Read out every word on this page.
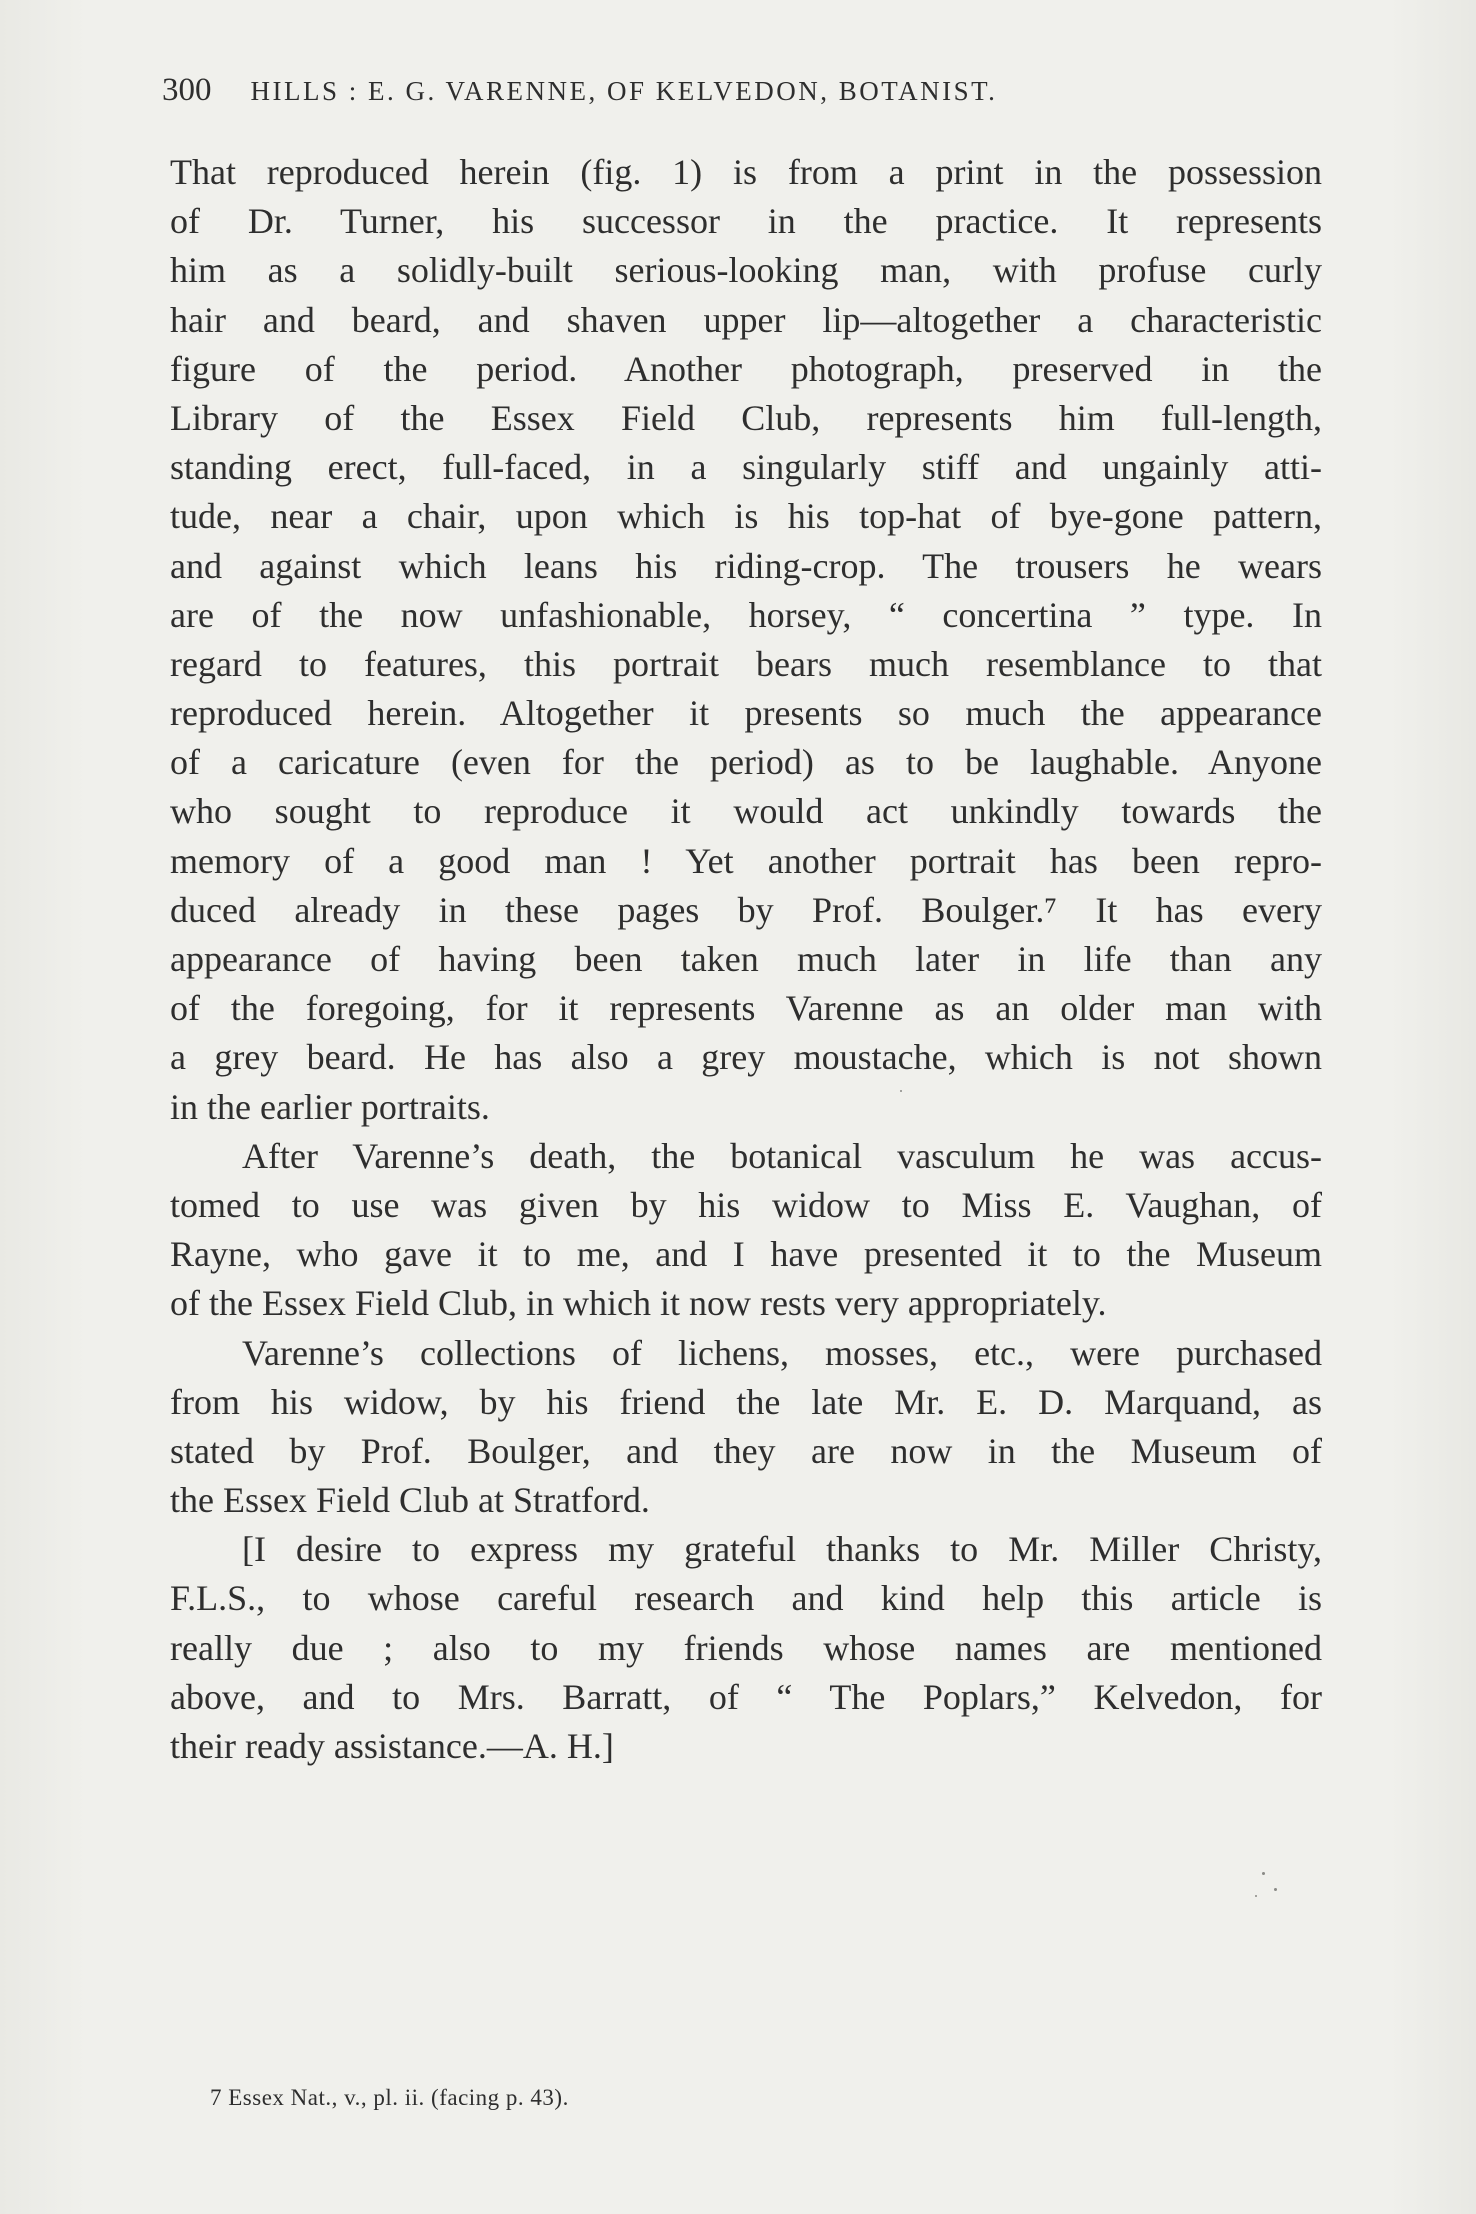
300 HILLS : E. G. VARENNE, OF KELVEDON, BOTANIST.
That reproduced herein (fig. 1) is from a print in the possession
of Dr. Turner, his successor in the practice. It represents
him as a solidly-built serious-looking man, with profuse curly
hair and beard, and shaven upper lip—altogether a characteristic
figure of the period. Another photograph, preserved in the
Library of the Essex Field Club, represents him full-length,
standing erect, full-faced, in a singularly stiff and ungainly atti-
tude, near a chair, upon which is his top-hat of bye-gone pattern,
and against which leans his riding-crop. The trousers he wears
are of the now unfashionable, horsey, “ concertina ” type. In
regard to features, this portrait bears much resemblance to that
reproduced herein. Altogether it presents so much the appearance
of a caricature (even for the period) as to be laughable. Anyone
who sought to reproduce it would act unkindly towards the
memory of a good man ! Yet another portrait has been repro-
duced already in these pages by Prof. Boulger.⁷ It has every
appearance of having been taken much later in life than any
of the foregoing, for it represents Varenne as an older man with
a grey beard. He has also a grey moustache, which is not shown
in the earlier portraits.
After Varenne’s death, the botanical vasculum he was accus-
tomed to use was given by his widow to Miss E. Vaughan, of
Rayne, who gave it to me, and I have presented it to the Museum
of the Essex Field Club, in which it now rests very appropriately.
Varenne’s collections of lichens, mosses, etc., were purchased
from his widow, by his friend the late Mr. E. D. Marquand, as
stated by Prof. Boulger, and they are now in the Museum of
the Essex Field Club at Stratford.
[I desire to express my grateful thanks to Mr. Miller Christy,
F.L.S., to whose careful research and kind help this article is
really due ; also to my friends whose names are mentioned
above, and to Mrs. Barratt, of “ The Poplars,” Kelvedon, for
their ready assistance.—A. H.]
7 Essex Nat., v., pl. ii. (facing p. 43).
